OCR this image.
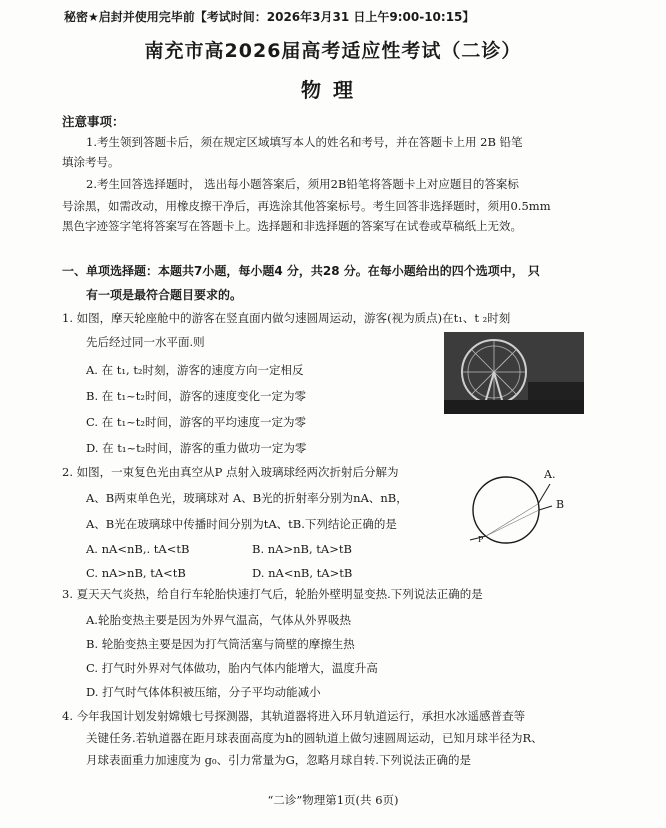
秘密★启封并使用完毕前【考试时间：2026年3月31 日上午9:00-10:15】
南充市高2026届高考适应性考试（二诊）
物理
注意事项：
1.考生领到答题卡后，须在规定区域填写本人的姓名和考号，并在答题卡上用 2B 铅笔
填涂考号。
2.考生回答选择题时， 选出每小题答案后，须用2B铅笔将答题卡上对应题目的答案标
号涂黑，如需改动，用橡皮擦干净后，再选涂其他答案标号。考生回答非选择题时，须用0.5mm
黑色字迹签字笔将答案写在答题卡上。选择题和非选择题的答案写在试卷或草稿纸上无效。
一、单项选择题：本题共7小题，每小题4 分，共28 分。在每小题给出的四个选项中， 只
有一项是最符合题目要求的。
1. 如图，摩天轮座舱中的游客在竖直面内做匀速圆周运动，游客(视为质点)在t₁、t ₂时刻
先后经过同一水平面.则
A. 在 t₁, t₂时刻，游客的速度方向一定相反
B. 在 t₁~t₂时间，游客的速度变化一定为零
C. 在 t₁~t₂时间，游客的平均速度一定为零
D. 在 t₁~t₂时间，游客的重力做功一定为零
2. 如图，一束复色光由真空从P 点射入玻璃球经两次折射后分解为
A、B两束单色光，玻璃球对 A、B光的折射率分别为nA、nB，
A、B光在玻璃球中传播时间分别为tA、tB.下列结论正确的是
A. nA<nB,. tA<tB	B. nA>nB, tA>tB
C. nA>nB, tA<tB	D. nA<nB, tA>tB
A.
B
P
3. 夏天天气炎热，给自行车轮胎快速打气后，轮胎外壁明显变热.下列说法正确的是
A.轮胎变热主要是因为外界气温高，气体从外界吸热
B. 轮胎变热主要是因为打气筒活塞与筒壁的摩擦生热
C. 打气时外界对气体做功，胎内气体内能增大，温度升高
D. 打气时气体体积被压缩，分子平均动能减小
4. 今年我国计划发射嫦娥七号探测器，其轨道器将进入环月轨道运行，承担水冰遥感普查等
关键任务.若轨道器在距月球表面高度为h的圆轨道上做匀速圆周运动，已知月球半径为R、
月球表面重力加速度为 g₀、引力常量为G，忽略月球自转.下列说法正确的是
“二诊”物理第1页(共 6页)
